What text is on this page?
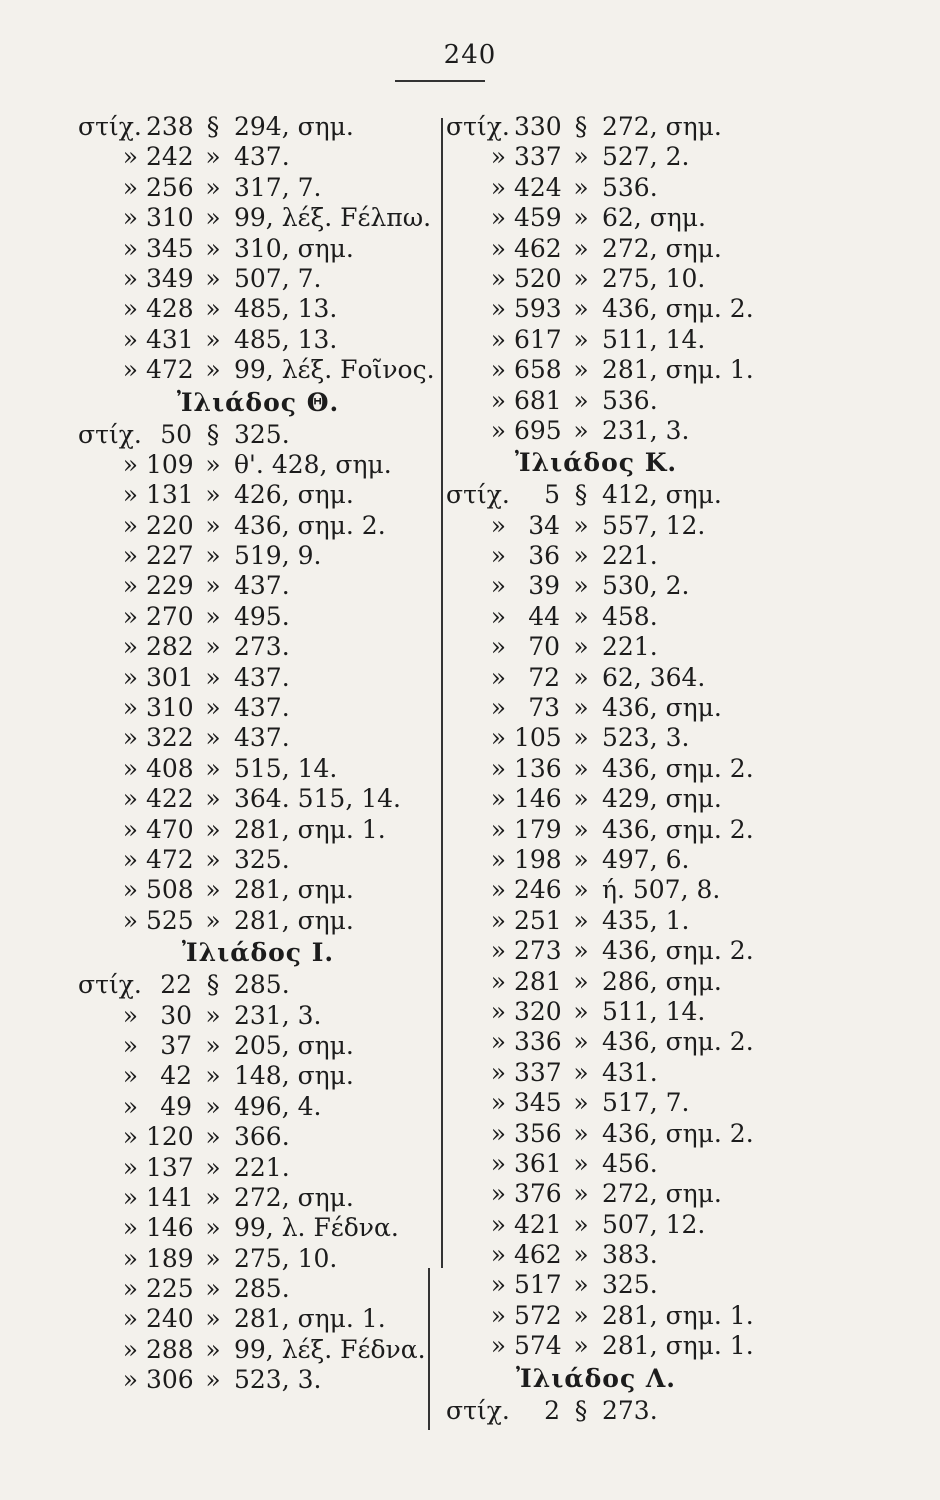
240
στίχ. 238 § 294, σημ.
» 242 » 437.
» 256 » 317, 7.
» 310 » 99, λέξ. Fέλπω.
» 345 » 310, σημ.
» 349 » 507, 7.
» 428 » 485, 13.
» 431 » 485, 13.
» 472 » 99, λέξ. Fοῖνος.
Ἰλιάδος Θ.
στίχ. 50 § 325.
» 109 » θ'. 428, σημ.
» 131 » 426, σημ.
» 220 » 436, σημ. 2.
» 227 » 519, 9.
» 229 » 437.
» 270 » 495.
» 282 » 273.
» 301 » 437.
» 310 » 437.
» 322 » 437.
» 408 » 515, 14.
» 422 » 364. 515, 14.
» 470 » 281, σημ. 1.
» 472 » 325.
» 508 » 281, σημ.
» 525 » 281, σημ.
Ἰλιάδος Ι.
στίχ. 22 § 285.
» 30 » 231, 3.
» 37 » 205, σημ.
» 42 » 148, σημ.
» 49 » 496, 4.
» 120 » 366.
» 137 » 221.
» 141 » 272, σημ.
» 146 » 99, λ. Fέδνα.
» 189 » 275, 10.
» 225 » 285.
» 240 » 281, σημ. 1.
» 288 » 99, λέξ. Fέδνα.
» 306 » 523, 3.
στίχ. 330 § 272, σημ.
» 337 » 527, 2.
» 424 » 536.
» 459 » 62, σημ.
» 462 » 272, σημ.
» 520 » 275, 10.
» 593 » 436, σημ. 2.
» 617 » 511, 14.
» 658 » 281, σημ. 1.
» 681 » 536.
» 695 » 231, 3.
Ἰλιάδος Κ.
στίχ.	5 § 412, σημ.
» 34 » 557, 12.
» 36 » 221.
» 39 » 530, 2.
» 44 » 458.
» 70 » 221.
» 72 » 62, 364.
» 73 » 436, σημ.
» 105 » 523, 3.
» 136 » 436, σημ. 2.
» 146 » 429, σημ.
» 179 » 436, σημ. 2.
» 198 » 497, 6.
» 246 » ή. 507, 8.
» 251 » 435, 1.
» 273 » 436, σημ. 2.
» 281 » 286, σημ.
» 320 » 511, 14.
» 336 » 436, σημ. 2.
» 337 » 431.
» 345 » 517, 7.
» 356 » 436, σημ. 2.
» 361 » 456.
» 376 » 272, σημ.
» 421 » 507, 12.
» 462 » 383.
» 517 » 325.
» 572 » 281, σημ. 1.
» 574 » 281, σημ. 1.
Ἰλιάδος Λ.
στίχ.	2 § 273.
